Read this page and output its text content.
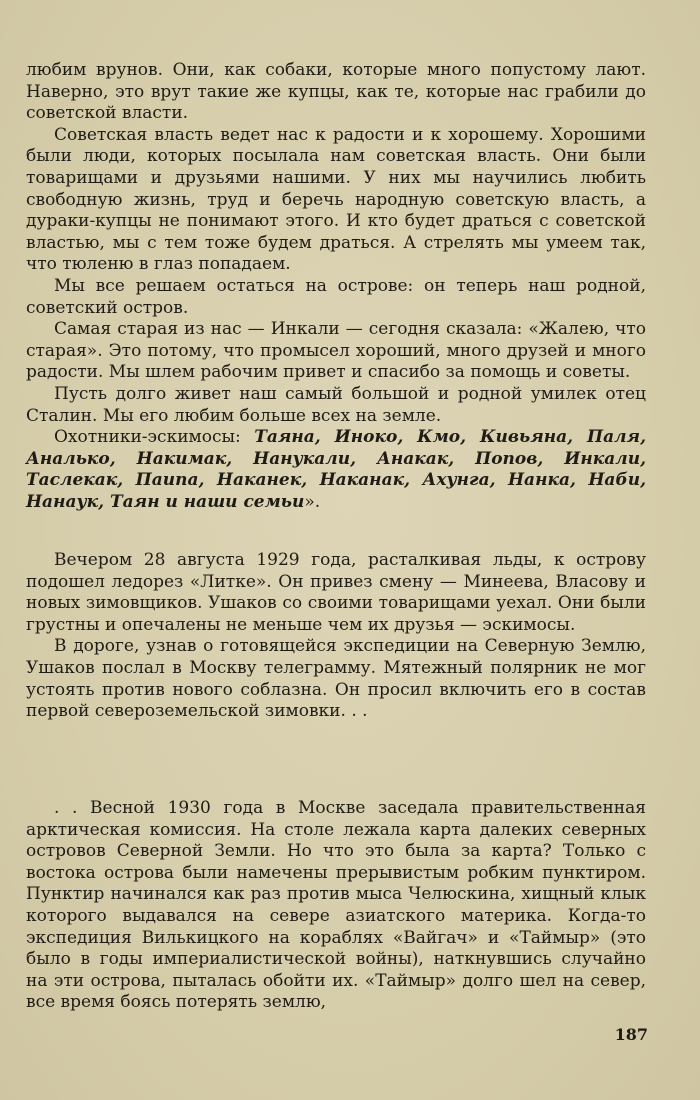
любим врунов. Они, как собаки, которые много попустому лают. Наверно, это врут такие же купцы, как те, которые нас грабили до советской власти.

Советская власть ведет нас к радости и к хорошему. Хорошими были люди, которых посылала нам советская власть. Они были товарищами и друзьями нашими. У них мы научились любить свободную жизнь, труд и беречь народную советскую власть, а дураки-купцы не понимают этого. И кто будет драться с советской властью, мы с тем тоже будем драться. А стрелять мы умеем так, что тюленю в глаз попадаем.

Мы все решаем остаться на острове: он теперь наш родной, советский остров.

Самая старая из нас — Инкали — сегодня сказала: «Жалею, что старая». Это потому, что промысел хороший, много друзей и много радости. Мы шлем рабочим привет и спасибо за помощь и советы.

Пусть долго живет наш самый большой и родной умилек отец Сталин. Мы его любим больше всех на земле.

Охотники-эскимосы: Таяна, Иноко, Кмо, Кивьяна, Паля, Аналько, Накимак, Нанукали, Анакак, Попов, Инкали, Таслекак, Паипа, Наканек, Наканак, Ахунга, Нанка, Наби, Нанаук, Таян и наши семьи».

Вечером 28 августа 1929 года, расталкивая льды, к острову подошел ледорез «Литке». Он привез смену — Минеева, Власову и новых зимовщиков. Ушаков со своими товарищами уехал. Они были грустны и опечалены не меньше чем их друзья — эскимосы.

В дороге, узнав о готовящейся экспедиции на Северную Землю, Ушаков послал в Москву телеграмму. Мятежный полярник не мог устоять против нового соблазна. Он просил включить его в состав первой североземельской зимовки. . .

. . Весной 1930 года в Москве заседала правительственная арктическая комиссия. На столе лежала карта далеких северных островов Северной Земли. Но что это была за карта? Только с востока острова были намечены прерывистым робким пунктиром. Пунктир начинался как раз против мыса Челюскина, хищный клык которого выдавался на севере азиатского материка. Когда-то экспедиция Вилькицкого на кораблях «Вайгач» и «Таймыр» (это было в годы империалистической войны), наткнувшись случайно на эти острова, пыталась обойти их. «Таймыр» долго шел на север, все время боясь потерять землю,

187
